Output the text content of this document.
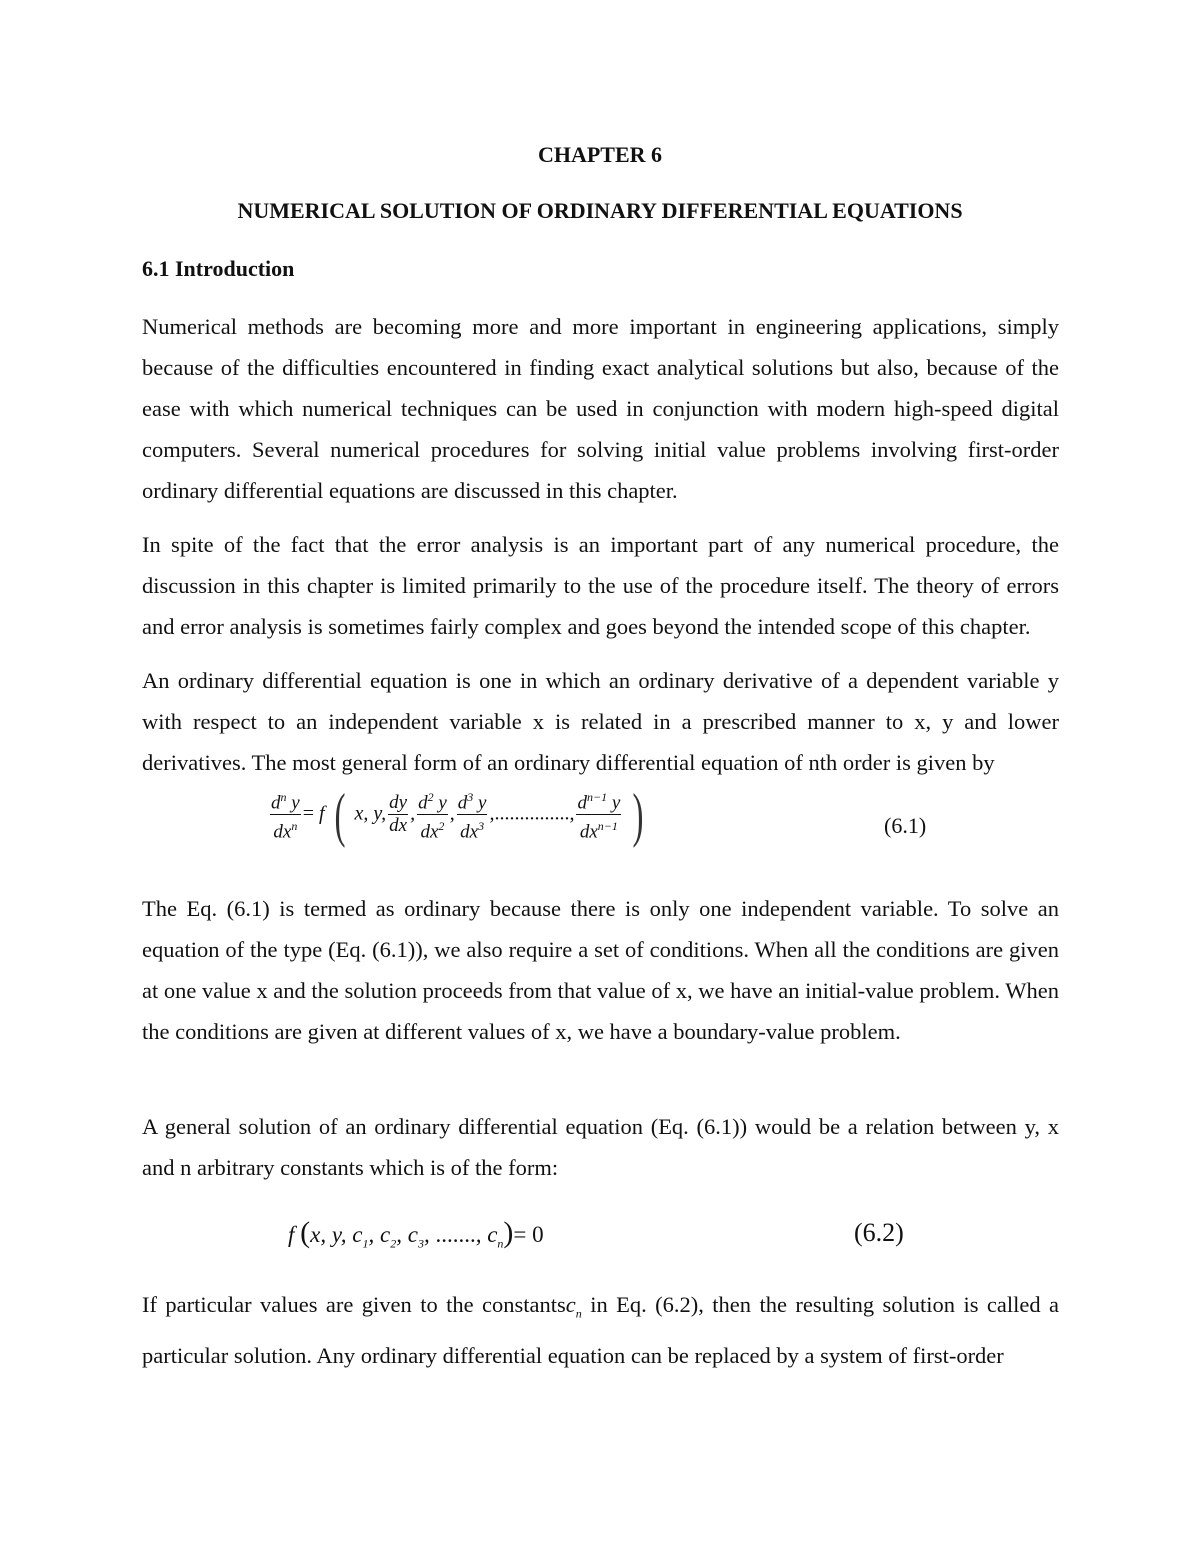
CHAPTER 6
NUMERICAL SOLUTION OF ORDINARY DIFFERENTIAL EQUATIONS
6.1 Introduction

Numerical methods are becoming more and more important in engineering applications, simply because of the difficulties encountered in finding exact analytical solutions but also, because of the ease with which numerical techniques can be used in conjunction with modern high-speed digital computers. Several numerical procedures for solving initial value problems involving first-order ordinary differential equations are discussed in this chapter.

In spite of the fact that the error analysis is an important part of any numerical procedure, the discussion in this chapter is limited primarily to the use of the procedure itself. The theory of errors and error analysis is sometimes fairly complex and goes beyond the intended scope of this chapter.

An ordinary differential equation is one in which an ordinary derivative of a dependent variable y with respect to an independent variable x is related in a prescribed manner to x, y and lower derivatives. The most general form of an ordinary differential equation of nth order is given by

$\frac{d^n y}{dx^n} = f$ ( x, y, $\frac{dy}{dx}$ , $\frac{d^2 y}{dx^2}$ , $\frac{d^3 y}{dx^3}$ ,..............., $\frac{d^{n-1} y}{dx^{n-1}}$ )	(6.1)

The Eq. (6.1) is termed as ordinary because there is only one independent variable. To solve an equation of the type (Eq. (6.1)), we also require a set of conditions. When all the conditions are given at one value x and the solution proceeds from that value of x, we have an initial-value problem. When the conditions are given at different values of x, we have a boundary-value problem.

A general solution of an ordinary differential equation (Eq. (6.1)) would be a relation between y, x and n arbitrary constants which is of the form:

f (x, y, $c_1$, $c_2$, $c_3$, ......., $c_n)= 0$	(6.2)

If particular values are given to the constantsc$_n$ in Eq. (6.2), then the resulting solution is called a particular solution. Any ordinary differential equation can be replaced by a system of first-order
